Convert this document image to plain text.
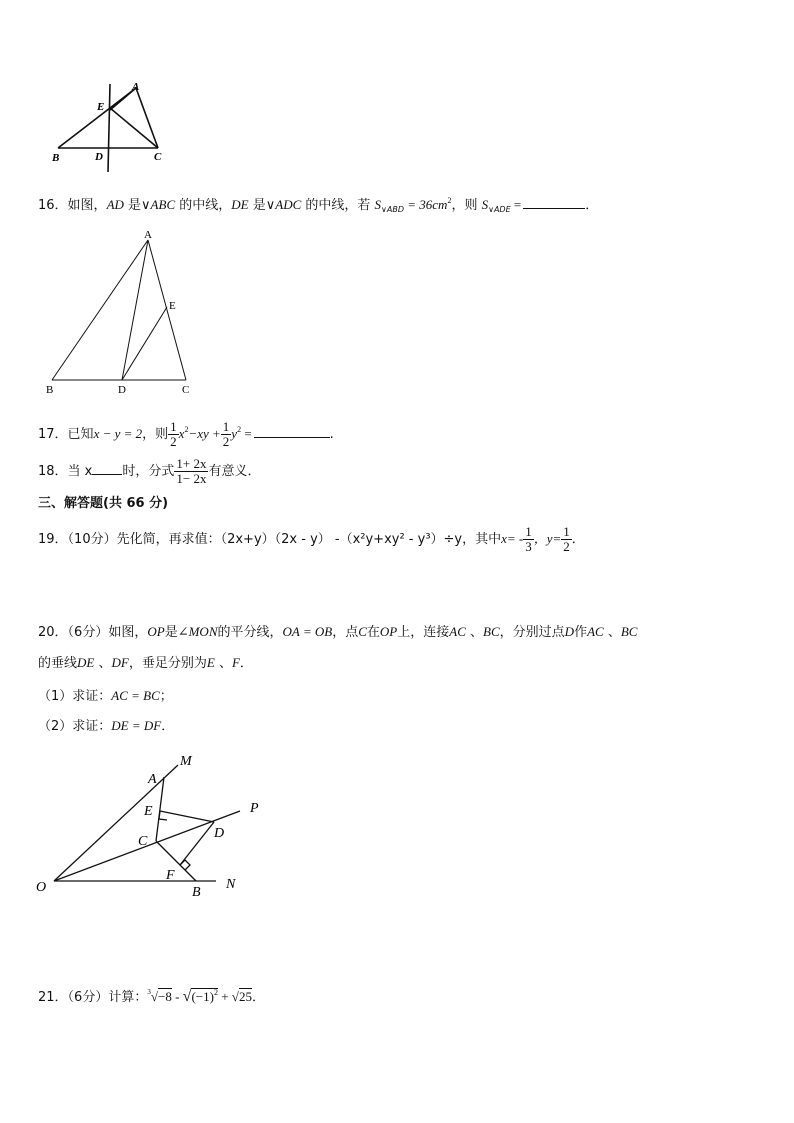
A
E
B	D	C
16．如图，AD 是∨ABC 的中线，DE 是∨ADC 的中线，若 $S_{\vee ABD} = 36cm^2$，则 $S_{\vee ADE}$ =	．
A
E
B	D	C
17．已知x − y = 2，则 $\frac{1}{2} x^2-xy + \frac{1}{2} y^2$ =	.
18．当 x 时，分式 $\frac{1+ 2x}{1- 2x}$ 有意义．
三、解答题(共 66 分)
19．（10分）先化简，再求值：（2x+y）（2x - y） -（x²y+xy² - y³）÷y，其中$x= - \frac{1}{3}$ ，$y= \frac{1}{2}$ ．
20．（6分）如图，OP是∠MON的平分线，OA = OB，点C在OP上，连接AC 、BC，分别过点D作AC 、BC
的垂线DE 、DF，垂足分别为E 、F．
（1）求证：AC = BC；
（2）求证：DE = DF．
M
A
E	P
D
C
F
O	B
N
21．（6分）计算：$^3√-8 - √(-1)^2 + √25$．
